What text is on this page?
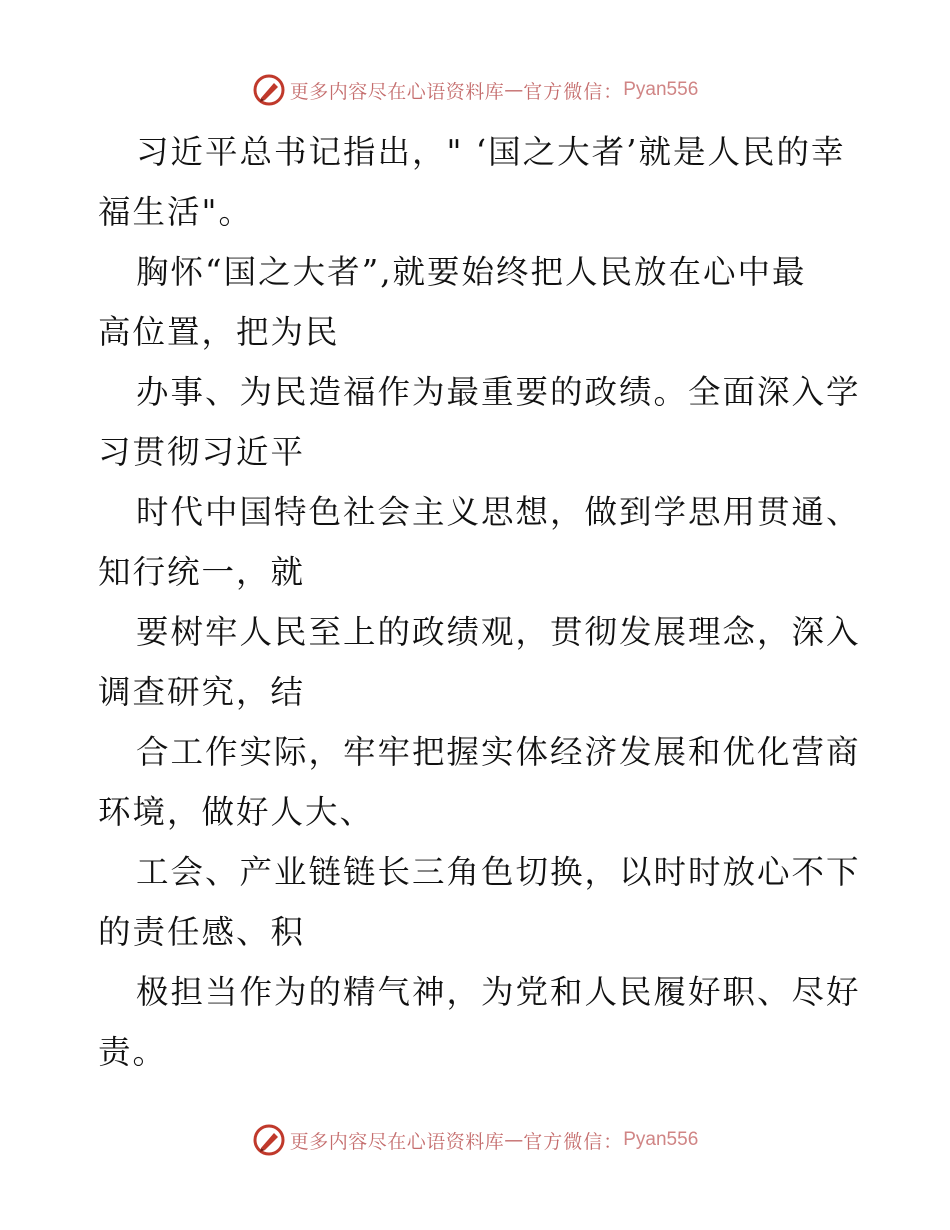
更多内容尽在心语资料库 — 官方微信： Pyan556
习近平总书记指出，" ‘国之大者’就是人民的幸
福生活"。
胸怀“国之大者”,就要始终把人民放在心中最
高位置，把为民
办事、为民造福作为最重要的政绩。全面深入学
习贯彻习近平
时代中国特色社会主义思想，做到学思用贯通、
知行统一，就
要树牢人民至上的政绩观，贯彻发展理念，深入
调查研究，结
合工作实际，牢牢把握实体经济发展和优化营商
环境，做好人大、
工会、产业链链长三角色切换，以时时放心不下
的责任感、积
极担当作为的精气神，为党和人民履好职、尽好
责。
更多内容尽在心语资料库 — 官方微信： Pyan556
